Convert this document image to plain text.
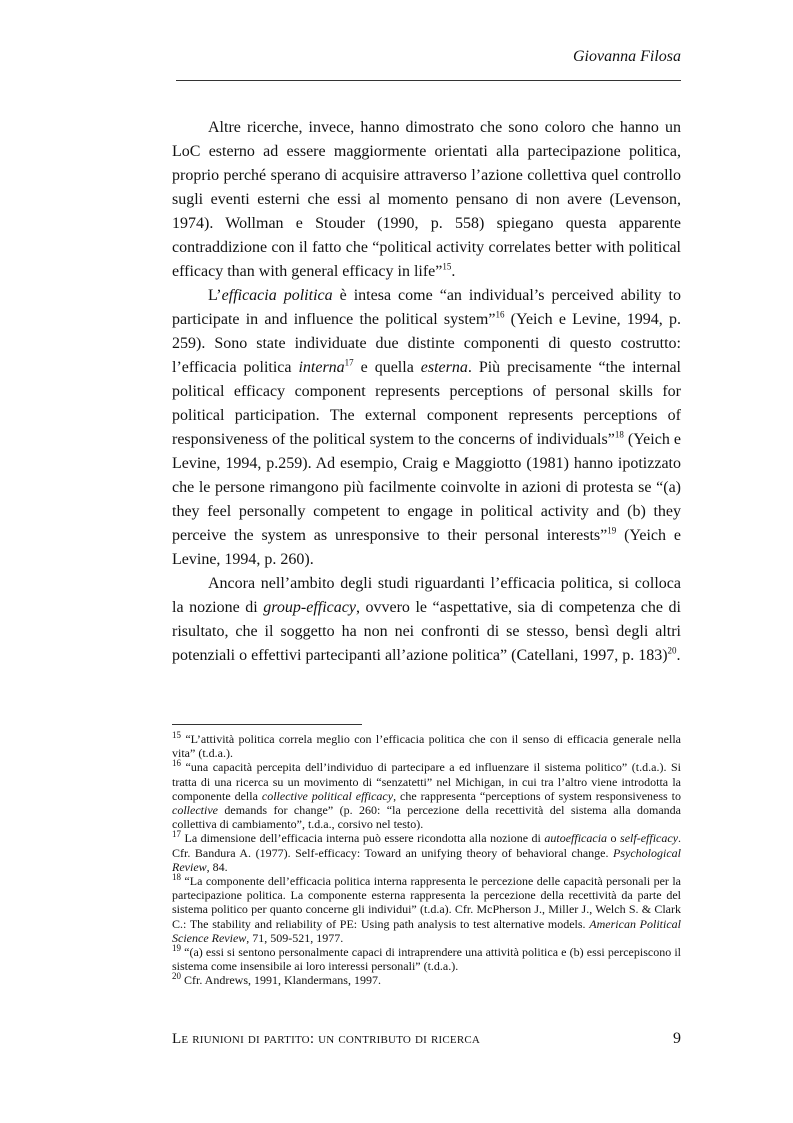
Giovanna Filosa

Altre ricerche, invece, hanno dimostrato che sono coloro che hanno un LoC esterno ad essere maggiormente orientati alla partecipazione politica, proprio perché sperano di acquisire attraverso l’azione collettiva quel controllo sugli eventi esterni che essi al momento pensano di non avere (Levenson, 1974). Wollman e Stouder (1990, p. 558) spiegano questa apparente contraddizione con il fatto che “political activity correlates better with political efficacy than with general efficacy in life”$^{15}$.

L’efficacia politica è intesa come “an individual’s perceived ability to participate in and influence the political system”$^{16}$ (Yeich e Levine, 1994, p. 259). Sono state individuate due distinte componenti di questo costrutto: l’efficacia politica interna$^{17}$ e quella esterna. Più precisamente “the internal political efficacy component represents perceptions of personal skills for political participation. The external component represents perceptions of responsiveness of the political system to the concerns of individuals”$^{18}$ (Yeich e Levine, 1994, p.259). Ad esempio, Craig e Maggiotto (1981) hanno ipotizzato che le persone rimangono più facilmente coinvolte in azioni di protesta se “(a) they feel personally competent to engage in political activity and (b) they perceive the system as unresponsive to their personal interests”$^{19}$ (Yeich e Levine, 1994, p. 260).

Ancora nell’ambito degli studi riguardanti l’efficacia politica, si colloca la nozione di group-efficacy, ovvero le “aspettative, sia di competenza che di risultato, che il soggetto ha non nei confronti di se stesso, bensì degli altri potenziali o effettivi partecipanti all’azione politica” (Catellani, 1997, p. 183)$^{20}$.

$^{15}$ “L’attività politica correla meglio con l’efficacia politica che con il senso di efficacia generale nella vita” (t.d.a.).

$^{16}$ “una capacità percepita dell’individuo di partecipare a ed influenzare il sistema politico” (t.d.a.). Si tratta di una ricerca su un movimento di “senzatetti” nel Michigan, in cui tra l’altro viene introdotta la componente della collective political efficacy, che rappresenta “perceptions of system responsiveness to collective demands for change” (p. 260: “la percezione della recettività del sistema alla domanda collettiva di cambiamento”, t.d.a., corsivo nel testo).

$^{17}$ La dimensione dell’efficacia interna può essere ricondotta alla nozione di autoefficacia o self-efficacy. Cfr. Bandura A. (1977). Self-efficacy: Toward an unifying theory of behavioral change. Psychological Review, 84.

$^{18}$ “La componente dell’efficacia politica interna rappresenta le percezione delle capacità personali per la partecipazione politica. La componente esterna rappresenta la percezione della recettività da parte del sistema politico per quanto concerne gli individui” (t.d.a). Cfr. McPherson J., Miller J., Welch S. & Clark C.: The stability and reliability of PE: Using path analysis to test alternative models. American Political Science Review, 71, 509-521, 1977.

$^{19}$ “(a) essi si sentono personalmente capaci di intraprendere una attività politica e (b) essi percepiscono il sistema come insensibile ai loro interessi personali” (t.d.a.).

$^{20}$ Cfr. Andrews, 1991, Klandermans, 1997.

Le riunioni di partito: un contributo di ricerca	9
